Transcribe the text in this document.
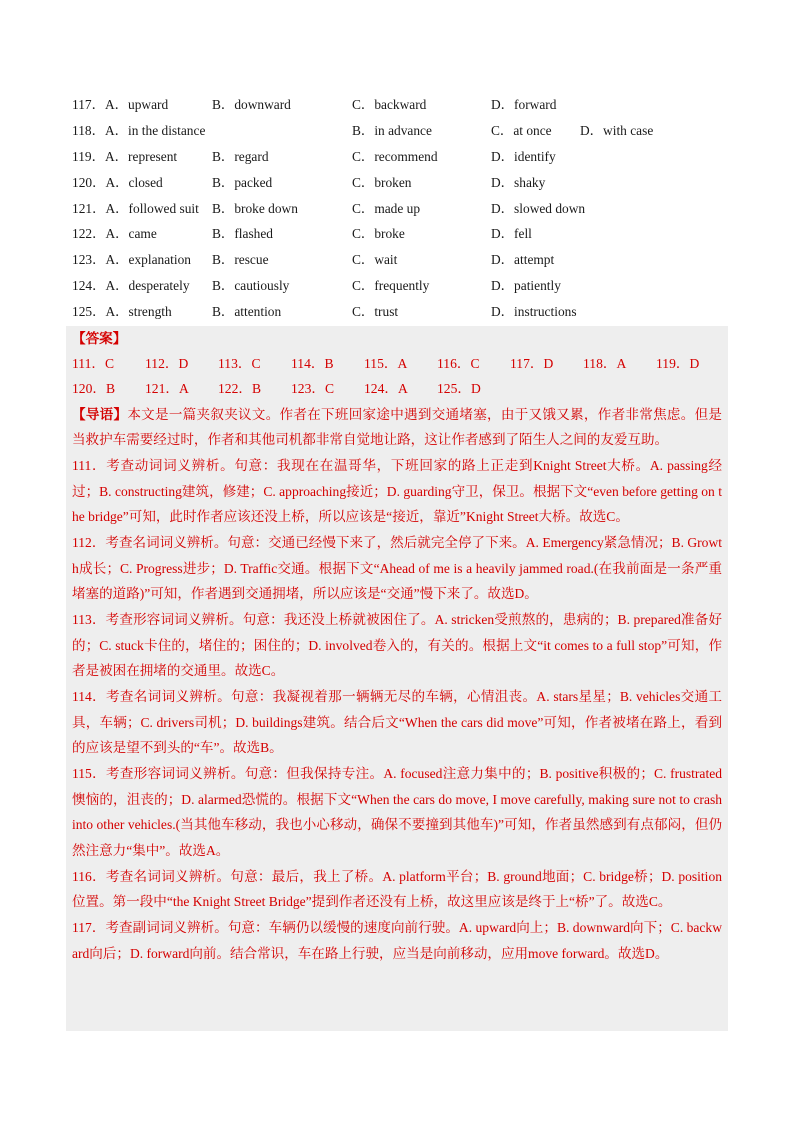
117．A．upward	B．downward	C．backward	D．forward
118．A．in the distance	B．in advance	C．at once D．with case
119．A．represent	B．regard	C．recommend	D．identify
120．A．closed	B．packed	C．broken	D．shaky
121．A．followed suit B．broke down	C．made up	D．slowed down
122．A．came	B．flashed	C．broke	D．fell
123．A．explanation B．rescue	C．wait	D．attempt
124．A．desperately B．cautiously	C．frequently	D．patiently
125．A．strength	B．attention	C．trust	D．instructions
【答案】
111．C 112．D 113．C 114．B 115．A 116．C 117．D 118．A 119．D
120．B 121．A 122．B 123．C 124．A 125．D

【导语】本文是一篇夹叙夹议文。作者在下班回家途中遇到交通堵塞，由于又饿又累，作者非常焦虑。但是当救护车需要经过时，作者和其他司机都非常自觉地让路，这让作者感到了陌生人之间的友爱互助。

111．考查动词词义辨析。句意：我现在在温哥华，下班回家的路上正走到Knight Street大桥。A. passing经过；B. constructing建筑，修建；C. approaching接近；D. guarding守卫，保卫。根据下文“even before getting on the bridge”可知，此时作者应该还没上桥，所以应该是“接近，靠近”Knight Street大桥。故选C。

112．考查名词词义辨析。句意：交通已经慢下来了，然后就完全停了下来。A. Emergency紧急情况；B. Growth成长；C. Progress进步；D. Traffic交通。根据下文“Ahead of me is a heavily jammed road.(在我前面是一条严重堵塞的道路)”可知，作者遇到交通拥堵，所以应该是“交通”慢下来了。故选D。

113．考查形容词词义辨析。句意：我还没上桥就被困住了。A. stricken受煎熬的，患病的；B. prepared准备好的；C. stuck卡住的，堵住的；困住的；D. involved卷入的，有关的。根据上文“it comes to a full stop”可知，作者是被困在拥堵的交通里。故选C。

114．考查名词词义辨析。句意：我凝视着那一辆辆无尽的车辆，心情沮丧。A. stars星星；B. vehicles交通工具，车辆；C. drivers司机；D. buildings建筑。结合后文“When the cars did move”可知，作者被堵在路上，看到的应该是望不到头的“车”。故选B。

115．考查形容词词义辨析。句意：但我保持专注。A. focused注意力集中的；B. positive积极的；C. frustrated懊恼的，沮丧的；D. alarmed恐慌的。根据下文“When the cars do move, I move carefully, making sure not to crash into other vehicles.(当其他车移动，我也小心移动，确保不要撞到其他车)”可知，作者虽然感到有点郁闷，但仍然注意力“集中”。故选A。

116．考查名词词义辨析。句意：最后，我上了桥。A. platform平台；B. ground地面；C. bridge桥；D. position位置。第一段中“the Knight Street Bridge”提到作者还没有上桥，故这里应该是终于上“桥”了。故选C。

117．考查副词词义辨析。句意：车辆仍以缓慢的速度向前行驶。A. upward向上；B. downward向下；C. backward向后；D. forward向前。结合常识，车在路上行驶，应当是向前移动，应用move forward。故选D。
